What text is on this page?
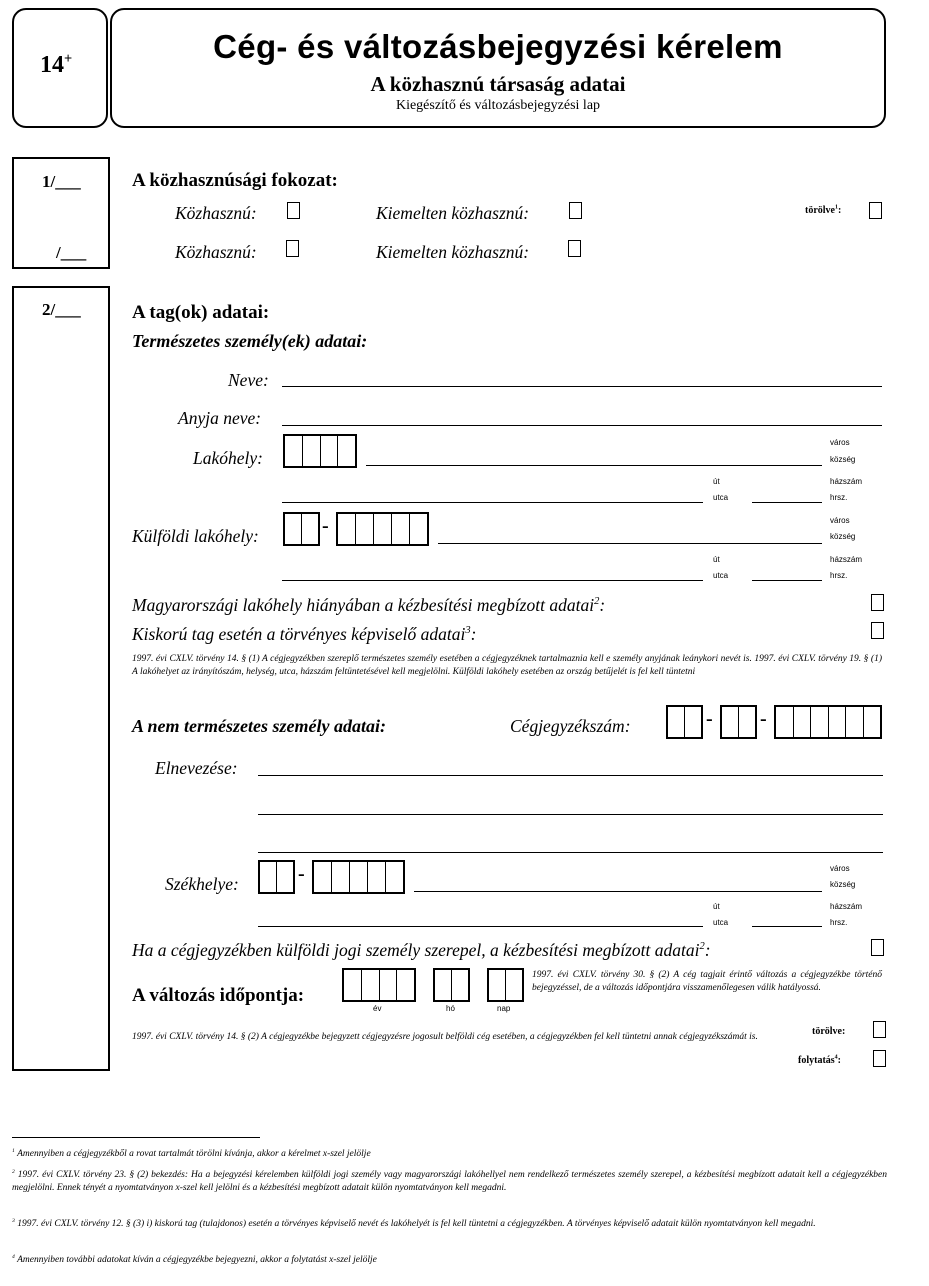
14+	Cég- és változásbejegyzési kérelem
A közhasznú társaság adatai
Kiegészítő és változásbejegyzési lap
1/___
/___
A közhasznúsági fokozat:
Közhasznú:	Kiemelten közhasznú:	törölve$^1$:
Közhasznú:	Kiemelten közhasznú:
2/___	A tag(ok) adatai:
Természetes személy(ek) adatai:
Neve:
Anyja neve:
Lakóhely:
város
község
út
utca
házszám
hrsz.
Külföldi lakóhely:	-	város
község
út
utca
házszám
hrsz.
Magyarországi lakóhely hiányában a kézbesítési megbízott adatai$^2$:
Kiskorú tag esetén a törvényes képviselő adatai$^3$:
1997. évi CXLV. törvény 14. § (1) A cégjegyzékben szereplő természetes személy esetében a cégjegyzéknek tartalmaznia kell e személy anyjának leánykori nevét is. 1997. évi CXLV. törvény 19. § (1) A lakóhelyet az irányítószám, helység, utca, házszám feltüntetésével kell megjelölni. Külföldi lakóhely esetében az ország betűjelét is fel kell tüntetni
A nem természetes személy adatai:	Cégjegyzékszám:	- -
Elnevezése:
Székhelye:	-	város
község
út
utca
házszám
hrsz.
Ha a cégjegyzékben külföldi jogi személy szerepel, a kézbesítési megbízott adatai$^2$:
A változás időpontja:
év	hó	nap
1997. évi CXLV. törvény 30. § (2) A cég tagjait érintő változás a cégjegyzékbe történő bejegyzéssel, de a változás időpontjára visszamenőlegesen válik hatályossá.
1997. évi CXLV. törvény 14. § (2) A cégjegyzékbe bejegyzett cégjegyzésre jogosult belföldi cég esetében, a cégjegyzékben fel kell tüntetni annak cégjegyzékszámát is.	törölve:
folytatás$^4$:
$^1$ Amennyiben a cégjegyzékből a rovat tartalmát törölni kívánja, akkor a kérelmet x-szel jelölje
$^2$ 1997. évi CXLV. törvény 23. § (2) bekezdés: Ha a bejegyzési kérelemben külföldi jogi személy vagy magyarországi lakóhellyel nem rendelkező természetes személy szerepel, a kézbesítési megbízott adatait kell a cégjegyzékben megjelölni. Ennek tényét a nyomtatványon x-szel kell jelölni és a kézbesítési megbízott adatait külön nyomtatványon kell megadni.
$^3$ 1997. évi CXLV. törvény 12. § (3) i) kiskorú tag (tulajdonos) esetén a törvényes képviselő nevét és lakóhelyét is fel kell tüntetni a cégjegyzékben. A törvényes képviselő adatait külön nyomtatványon kell megadni.
$^4$ Amennyiben további adatokat kíván a cégjegyzékbe bejegyezni, akkor a folytatást x-szel jelölje
